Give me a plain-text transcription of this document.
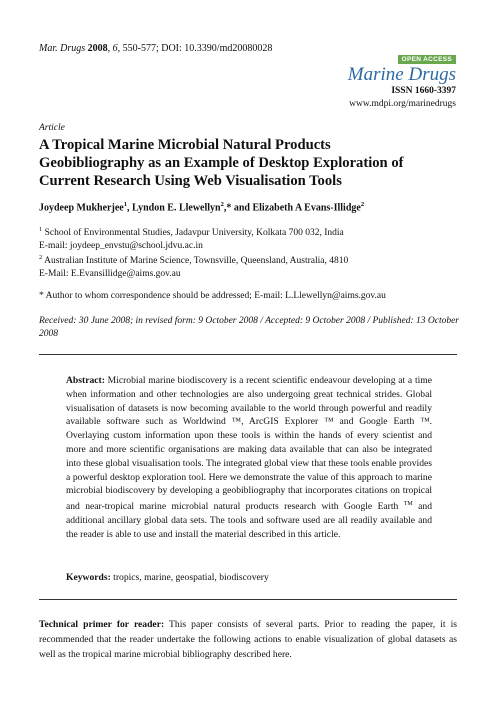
Mar. Drugs 2008, 6, 550-577; DOI: 10.3390/md20080028
OPEN ACCESS
Marine Drugs
ISSN 1660-3397
www.mdpi.org/marinedrugs
Article
A Tropical Marine Microbial Natural Products Geobibliography as an Example of Desktop Exploration of Current Research Using Web Visualisation Tools
Joydeep Mukherjee$^1$, Lyndon E. Llewellyn$^2$,* and Elizabeth A Evans-Illidge$^2$
$^1$ School of Environmental Studies, Jadavpur University, Kolkata 700 032, India
E-mail: joydeep_envstu@school.jdvu.ac.in
$^2$ Australian Institute of Marine Science, Townsville, Queensland, Australia, 4810
E-Mail: E.Evansillidge@aims.gov.au
* Author to whom correspondence should be addressed; E-mail: L.Llewellyn@aims.gov.au
Received: 30 June 2008; in revised form: 9 October 2008 / Accepted: 9 October 2008 / Published: 13 October 2008
Abstract: Microbial marine biodiscovery is a recent scientific endeavour developing at a time when information and other technologies are also undergoing great technical strides. Global visualisation of datasets is now becoming available to the world through powerful and readily available software such as Worldwind ™, ArcGIS Explorer ™ and Google Earth ™. Overlaying custom information upon these tools is within the hands of every scientist and more and more scientific organisations are making data available that can also be integrated into these global visualisation tools. The integrated global view that these tools enable provides a powerful desktop exploration tool. Here we demonstrate the value of this approach to marine microbial biodiscovery by developing a geobibliography that incorporates citations on tropical and near-tropical marine microbial natural products research with Google Earth ™ and additional ancillary global data sets. The tools and software used are all readily available and the reader is able to use and install the material described in this article.
Keywords: tropics, marine, geospatial, biodiscovery
Technical primer for reader: This paper consists of several parts. Prior to reading the paper, it is recommended that the reader undertake the following actions to enable visualization of global datasets as well as the tropical marine microbial bibliography described here.
